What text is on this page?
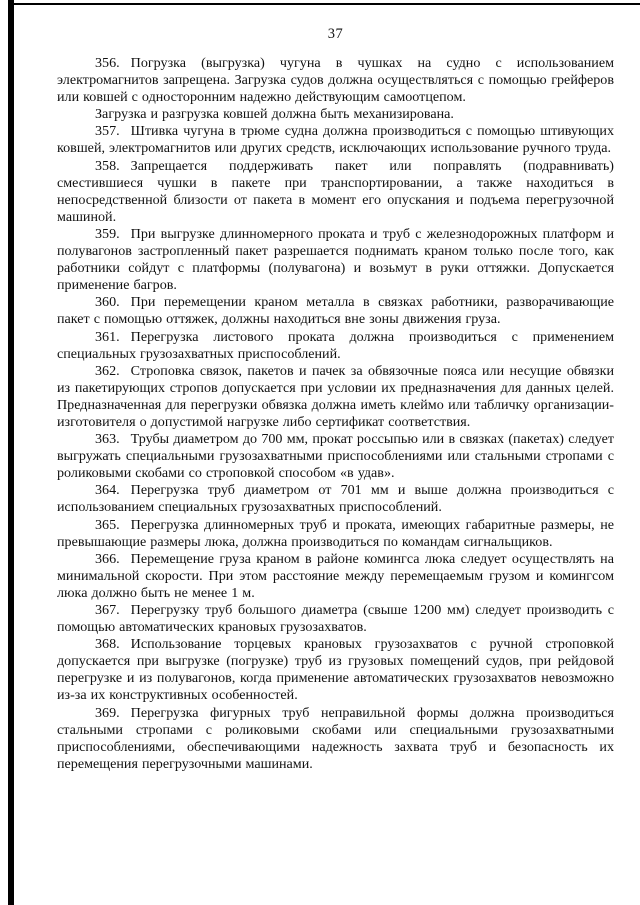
37

356. Погрузка (выгрузка) чугуна в чушках на судно с использованием электромагнитов запрещена. Загрузка судов должна осуществляться с помощью грейферов или ковшей с односторонним надежно действующим самоотцепом.

Загрузка и разгрузка ковшей должна быть механизирована.

357. Штивка чугуна в трюме судна должна производиться с помощью штивующих ковшей, электромагнитов или других средств, исключающих использование ручного труда.

358. Запрещается поддерживать пакет или поправлять (подравнивать) сместившиеся чушки в пакете при транспортировании, а также находиться в непосредственной близости от пакета в момент его опускания и подъема перегрузочной машиной.

359. При выгрузке длинномерного проката и труб с железнодорожных платформ и полувагонов застропленный пакет разрешается поднимать краном только после того, как работники сойдут с платформы (полувагона) и возьмут в руки оттяжки. Допускается применение багров.

360. При перемещении краном металла в связках работники, разворачивающие пакет с помощью оттяжек, должны находиться вне зоны движения груза.

361. Перегрузка листового проката должна производиться с применением специальных грузозахватных приспособлений.

362. Строповка связок, пакетов и пачек за обвязочные пояса или несущие обвязки из пакетирующих стропов допускается при условии их предназначения для данных целей. Предназначенная для перегрузки обвязка должна иметь клеймо или табличку организации-изготовителя о допустимой нагрузке либо сертификат соответствия.

363. Трубы диаметром до 700 мм, прокат россыпью или в связках (пакетах) следует выгружать специальными грузозахватными приспособлениями или стальными стропами с роликовыми скобами со строповкой способом «в удав».

364. Перегрузка труб диаметром от 701 мм и выше должна производиться с использованием специальных грузозахватных приспособлений.

365. Перегрузка длинномерных труб и проката, имеющих габаритные размеры, не превышающие размеры люка, должна производиться по командам сигнальщиков.

366. Перемещение груза краном в районе комингса люка следует осуществлять на минимальной скорости. При этом расстояние между перемещаемым грузом и комингсом люка должно быть не менее 1 м.

367. Перегрузку труб большого диаметра (свыше 1200 мм) следует производить с помощью автоматических крановых грузозахватов.

368. Использование торцевых крановых грузозахватов с ручной строповкой допускается при выгрузке (погрузке) труб из грузовых помещений судов, при рейдовой перегрузке и из полувагонов, когда применение автоматических грузозахватов невозможно из-за их конструктивных особенностей.

369. Перегрузка фигурных труб неправильной формы должна производиться стальными стропами с роликовыми скобами или специальными грузозахватными приспособлениями, обеспечивающими надежность захвата труб и безопасность их перемещения перегрузочными машинами.
